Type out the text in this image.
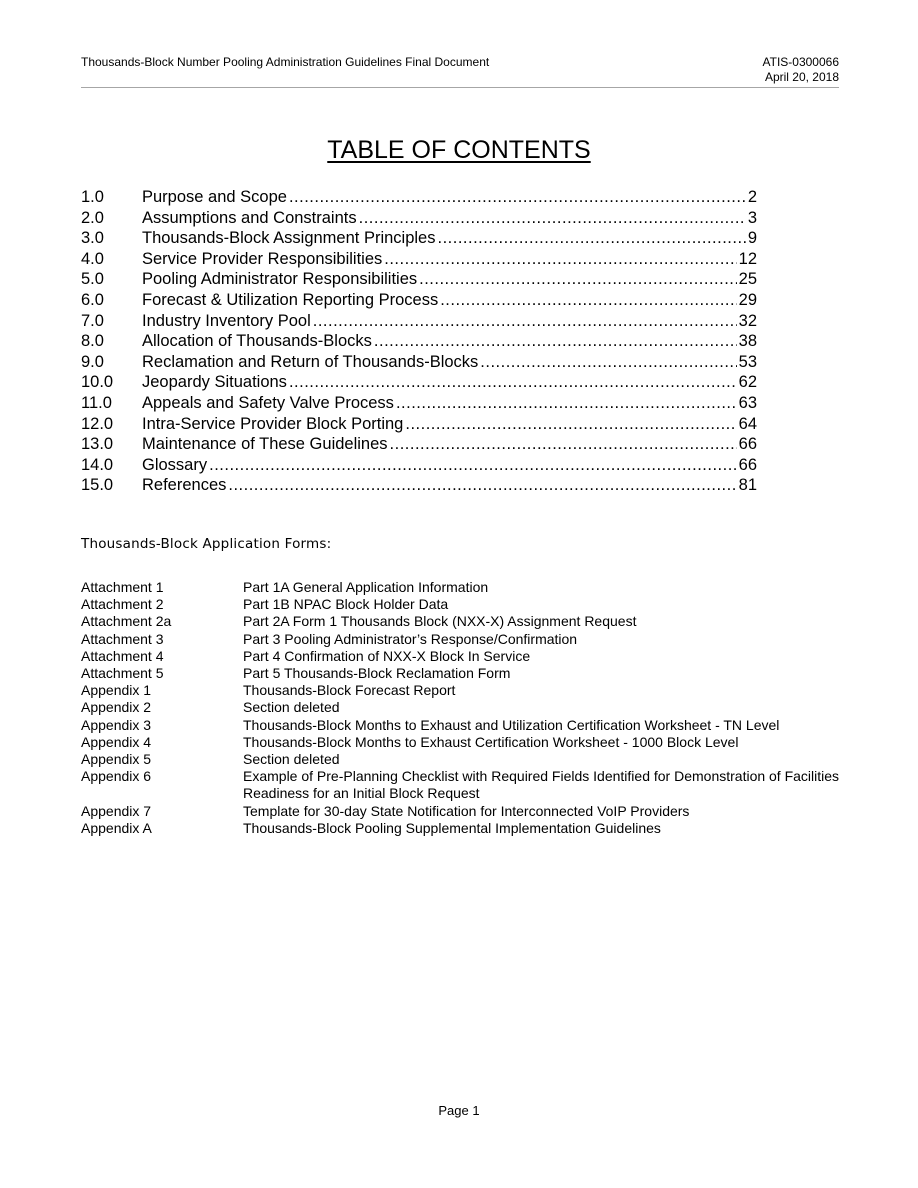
Thousands-Block Number Pooling Administration Guidelines Final Document	ATIS-0300066
April 20, 2018
TABLE OF CONTENTS
1.0	Purpose and Scope .....	2
2.0	Assumptions and Constraints .....	3
3.0	Thousands-Block Assignment Principles .....	9
4.0	Service Provider Responsibilities .....	12
5.0	Pooling Administrator Responsibilities .....	25
6.0	Forecast & Utilization Reporting Process .....	29
7.0	Industry Inventory Pool .....	32
8.0	Allocation of Thousands-Blocks .....	38
9.0	Reclamation and Return of Thousands-Blocks .....	53
10.0	Jeopardy Situations .....	62
11.0	Appeals and Safety Valve Process .....	63
12.0	Intra-Service Provider Block Porting .....	64
13.0	Maintenance of These Guidelines .....	66
14.0	Glossary .....	66
15.0	References .....	81
Thousands-Block Application Forms:
Attachment 1	Part 1A General Application Information
Attachment 2	Part 1B NPAC Block Holder Data
Attachment 2a	Part 2A Form 1 Thousands Block (NXX-X) Assignment Request
Attachment 3	Part 3 Pooling Administrator’s Response/Confirmation
Attachment 4	Part 4 Confirmation of NXX-X Block In Service
Attachment 5	Part 5 Thousands-Block Reclamation Form
Appendix 1	Thousands-Block Forecast Report
Appendix 2	Section deleted
Appendix 3	Thousands-Block Months to Exhaust and Utilization Certification Worksheet - TN Level
Appendix 4	Thousands-Block Months to Exhaust Certification Worksheet - 1000 Block Level
Appendix 5	Section deleted
Appendix 6	Example of Pre-Planning Checklist with Required Fields Identified for Demonstration of Facilities Readiness for an Initial Block Request
Appendix 7	Template for 30-day State Notification for Interconnected VoIP Providers
Appendix A	Thousands-Block Pooling Supplemental Implementation Guidelines
Page 1
